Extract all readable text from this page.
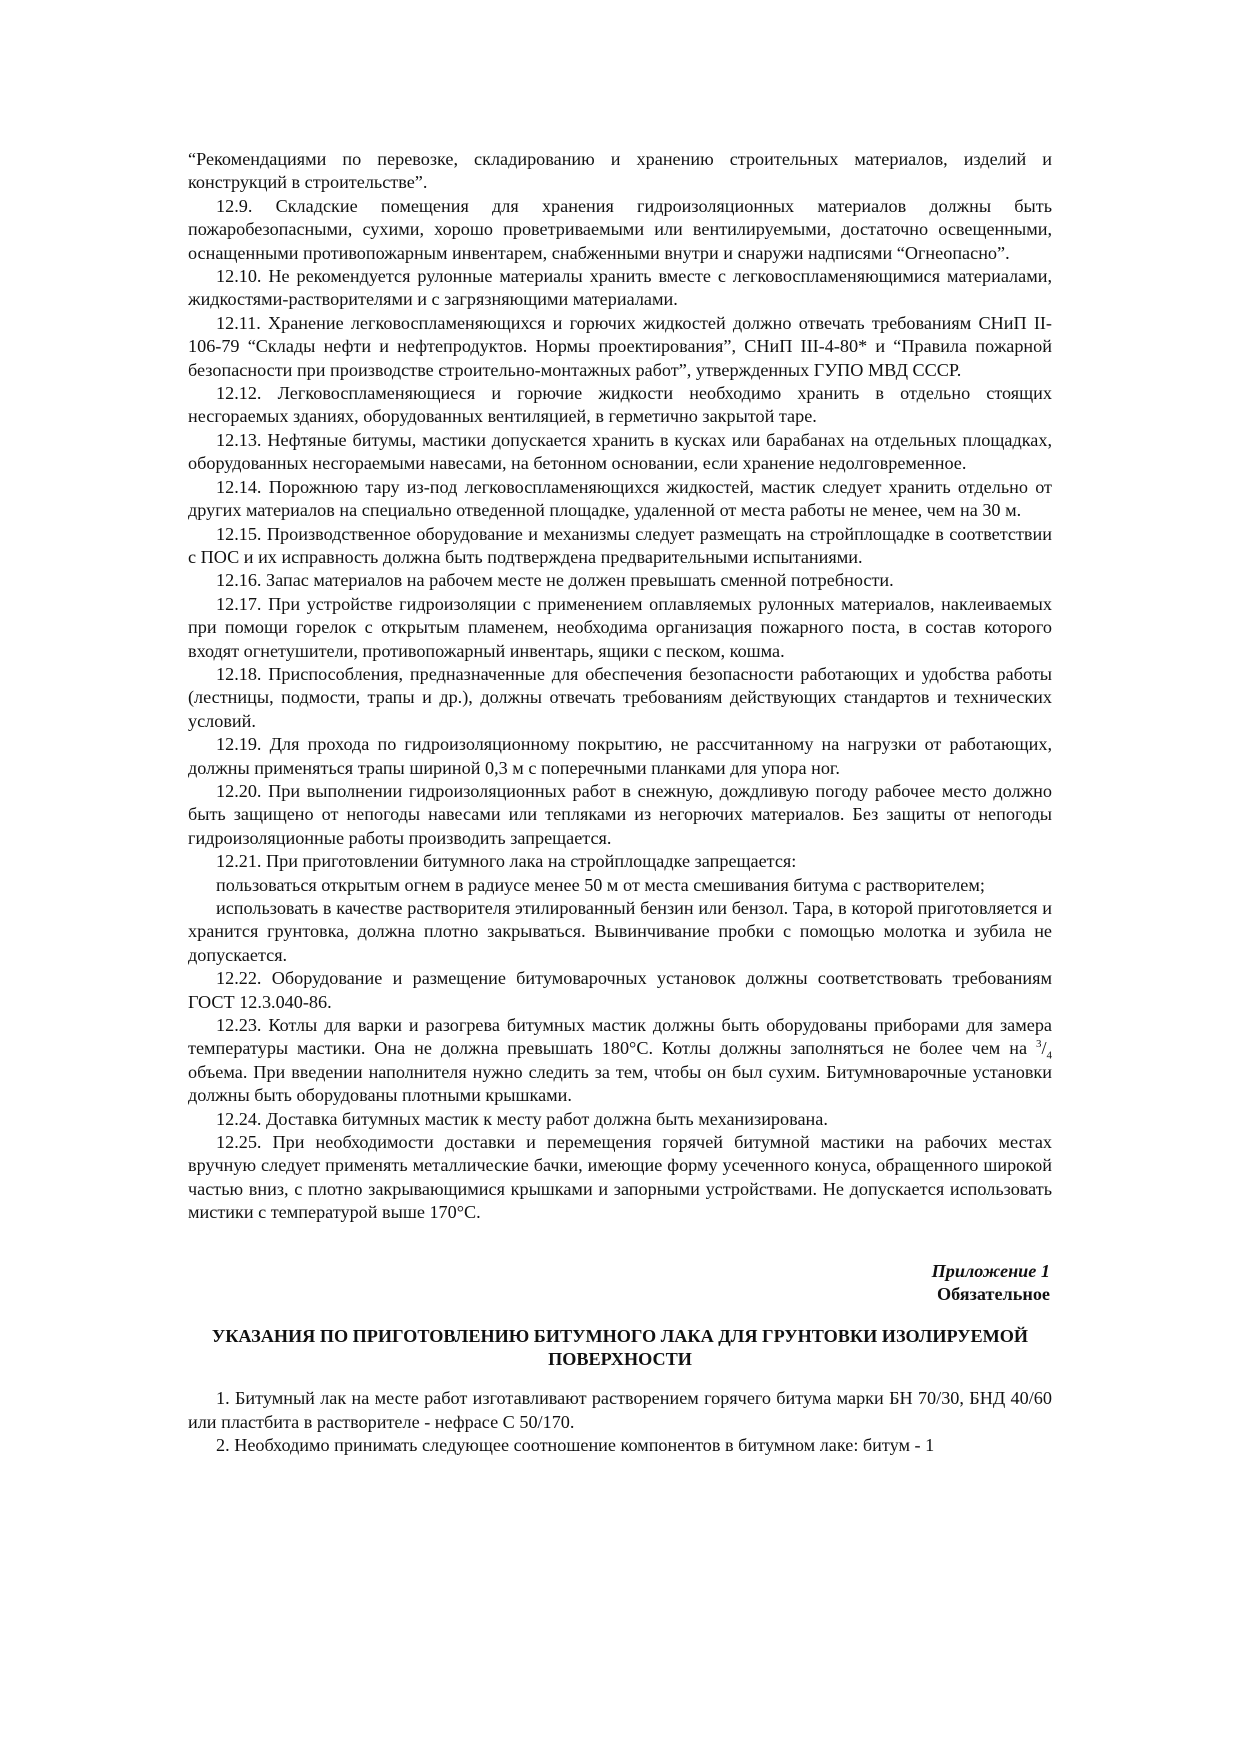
“Рекомендациями по перевозке, складированию и хранению строительных материалов, изделий и конструкций в строительстве”.

12.9. Складские помещения для хранения гидроизоляционных материалов должны быть пожаробезопасными, сухими, хорошо проветриваемыми или вентилируемыми, достаточно освещенными, оснащенными противопожарным инвентарем, снабженными внутри и снаружи надписями “Огнеопасно”.

12.10. Не рекомендуется рулонные материалы хранить вместе с легковоспламеняющимися материалами, жидкостями-растворителями и с загрязняющими материалами.

12.11. Хранение легковоспламеняющихся и горючих жидкостей должно отвечать требованиям СНиП II-106-79 “Склады нефти и нефтепродуктов. Нормы проектирования”, СНиП III-4-80* и “Правила пожарной безопасности при производстве строительно-монтажных работ”, утвержденных ГУПО МВД СССР.

12.12. Легковоспламеняющиеся и горючие жидкости необходимо хранить в отдельно стоящих несгораемых зданиях, оборудованных вентиляцией, в герметично закрытой таре.

12.13. Нефтяные битумы, мастики допускается хранить в кусках или барабанах на отдельных площадках, оборудованных несгораемыми навесами, на бетонном основании, если хранение недолговременное.

12.14. Порожнюю тару из-под легковоспламеняющихся жидкостей, мастик следует хранить отдельно от других материалов на специально отведенной площадке, удаленной от места работы не менее, чем на 30 м.

12.15. Производственное оборудование и механизмы следует размещать на стройплощадке в соответствии с ПОС и их исправность должна быть подтверждена предварительными испытаниями.

12.16. Запас материалов на рабочем месте не должен превышать сменной потребности.

12.17. При устройстве гидроизоляции с применением оплавляемых рулонных материалов, наклеиваемых при помощи горелок с открытым пламенем, необходима организация пожарного поста, в состав которого входят огнетушители, противопожарный инвентарь, ящики с песком, кошма.

12.18. Приспособления, предназначенные для обеспечения безопасности работающих и удобства работы (лестницы, подмости, трапы и др.), должны отвечать требованиям действующих стандартов и технических условий.

12.19. Для прохода по гидроизоляционному покрытию, не рассчитанному на нагрузки от работающих, должны применяться трапы шириной 0,3 м с поперечными планками для упора ног.

12.20. При выполнении гидроизоляционных работ в снежную, дождливую погоду рабочее место должно быть защищено от непогоды навесами или тепляками из негорючих материалов. Без защиты от непогоды гидроизоляционные работы производить запрещается.

12.21. При приготовлении битумного лака на стройплощадке запрещается:

пользоваться открытым огнем в радиусе менее 50 м от места смешивания битума с растворителем;

использовать в качестве растворителя этилированный бензин или бензол. Тара, в которой приготовляется и хранится грунтовка, должна плотно закрываться. Вывинчивание пробки с помощью молотка и зубила не допускается.

12.22. Оборудование и размещение битумоварочных установок должны соответствовать требованиям ГОСТ 12.3.040-86.

12.23. Котлы для варки и разогрева битумных мастик должны быть оборудованы приборами для замера температуры мастики. Она не должна превышать 180°С. Котлы должны заполняться не более чем на $^3/_4$ объема. При введении наполнителя нужно следить за тем, чтобы он был сухим. Битумноварочные установки должны быть оборудованы плотными крышками.

12.24. Доставка битумных мастик к месту работ должна быть механизирована.

12.25. При необходимости доставки и перемещения горячей битумной мастики на рабочих местах вручную следует применять металлические бачки, имеющие форму усеченного конуса, обращенного широкой частью вниз, с плотно закрывающимися крышками и запорными устройствами. Не допускается использовать мистики с температурой выше 170°С.

Приложение 1
Обязательное
УКАЗАНИЯ ПО ПРИГОТОВЛЕНИЮ БИТУМНОГО ЛАКА ДЛЯ ГРУНТОВКИ ИЗОЛИРУЕМОЙ ПОВЕРХНОСТИ

1. Битумный лак на месте работ изготавливают растворением горячего битума марки БН 70/30, БНД 40/60 или пластбита в растворителе - нефрасе С 50/170.

2. Необходимо принимать следующее соотношение компонентов в битумном лаке: битум - 1
